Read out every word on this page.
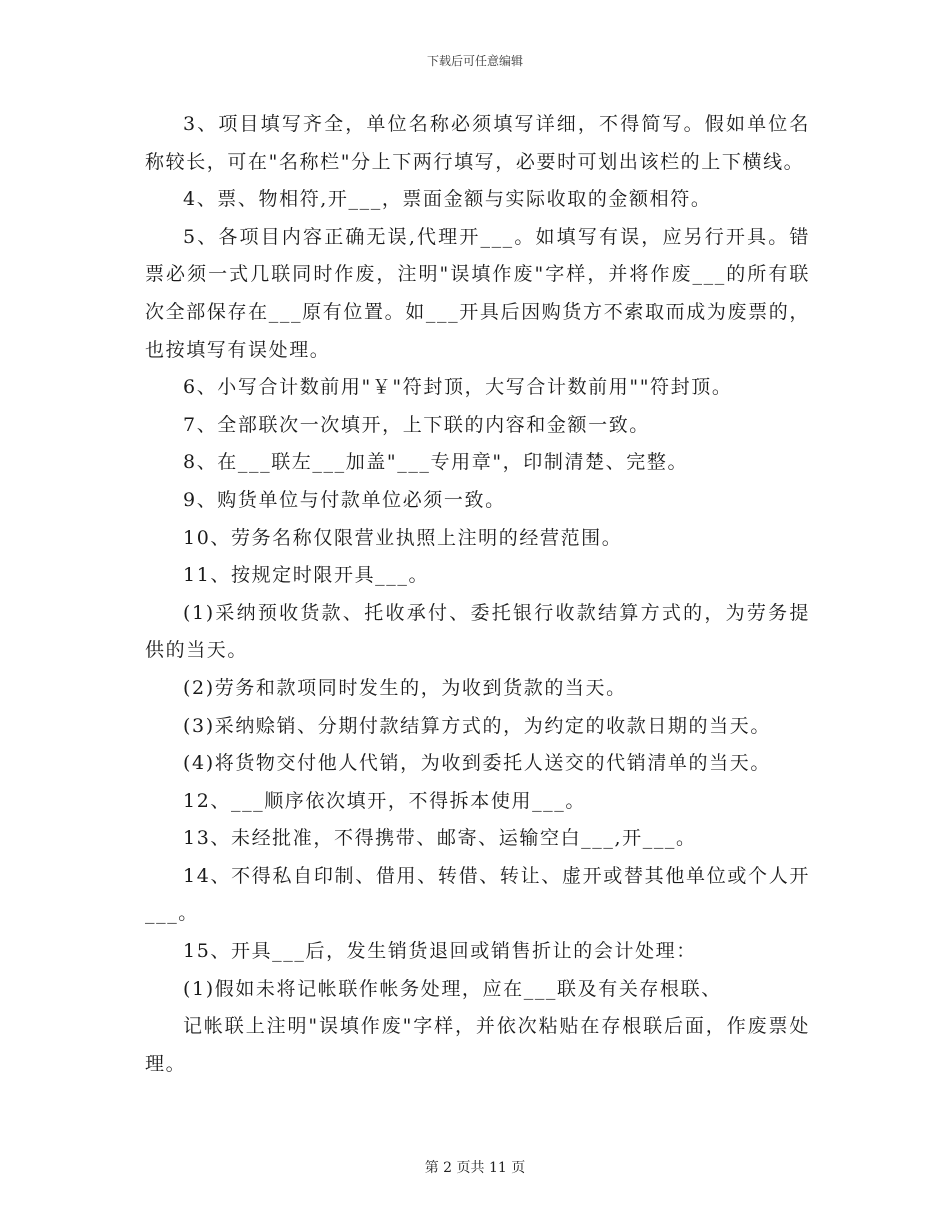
下载后可任意编辑

3、项目填写齐全，单位名称必须填写详细，不得简写。假如单位名称较长，可在"名称栏"分上下两行填写，必要时可划出该栏的上下横线。

4、票、物相符,开___，票面金额与实际收取的金额相符。

5、各项目内容正确无误,代理开___。如填写有误，应另行开具。错票必须一式几联同时作废，注明"误填作废"字样，并将作废___的所有联次全部保存在___原有位置。如___开具后因购货方不索取而成为废票的，也按填写有误处理。

6、小写合计数前用"￥"符封顶，大写合计数前用""符封顶。

7、全部联次一次填开，上下联的内容和金额一致。

8、在___联左___加盖"___专用章"，印制清楚、完整。

9、购货单位与付款单位必须一致。

10、劳务名称仅限营业执照上注明的经营范围。

11、按规定时限开具___。

(1)采纳预收货款、托收承付、委托银行收款结算方式的，为劳务提供的当天。

(2)劳务和款项同时发生的，为收到货款的当天。

(3)采纳赊销、分期付款结算方式的，为约定的收款日期的当天。

(4)将货物交付他人代销，为收到委托人送交的代销清单的当天。

12、___顺序依次填开，不得拆本使用___。

13、未经批准，不得携带、邮寄、运输空白___,开___。

14、不得私自印制、借用、转借、转让、虚开或替其他单位或个人开___。

15、开具___后，发生销货退回或销售折让的会计处理：

(1)假如未将记帐联作帐务处理，应在___联及有关存根联、

记帐联上注明"误填作废"字样，并依次粘贴在存根联后面，作废票处理。

第 2 页共 11 页
